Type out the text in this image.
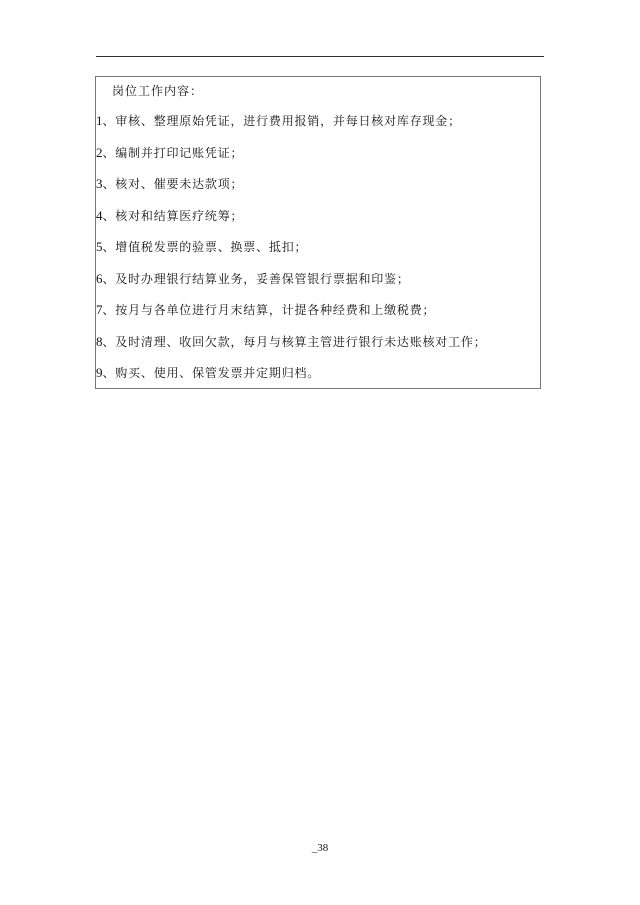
岗位工作内容：
1、审核、整理原始凭证，进行费用报销，并每日核对库存现金；
2、编制并打印记账凭证；
3、核对、催要未达款项；
4、核对和结算医疗统筹；
5、增值税发票的验票、换票、抵扣；
6、及时办理银行结算业务，妥善保管银行票据和印鉴；
7、按月与各单位进行月末结算，计提各种经费和上缴税费；
8、及时清理、收回欠款，每月与核算主管进行银行未达账核对工作；
9、购买、使用、保管发票并定期归档。
_38
